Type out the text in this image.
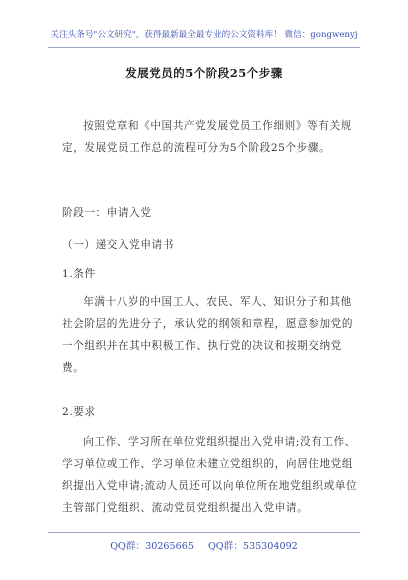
关注头条号"公文研究"，获得最新最全最专业的公文资料库！ 微信：gongwenyj
发展党员的5个阶段25个步骤

按照党章和《中国共产党发展党员工作细则》等有关规定，发展党员工作总的流程可分为5个阶段25个步骤。

阶段一：申请入党
（一）递交入党申请书
1.条件

年满十八岁的中国工人、农民、军人、知识分子和其他社会阶层的先进分子，承认党的纲领和章程，愿意参加党的一个组织并在其中积极工作、执行党的决议和按期交纳党费。

2.要求

向工作、学习所在单位党组织提出入党申请;没有工作、学习单位或工作、学习单位未建立党组织的，向居住地党组织提出入党申请;流动人员还可以向单位所在地党组织或单位主管部门党组织、流动党员党组织提出入党申请。

QQ群：30265665 QQ群：535304092
